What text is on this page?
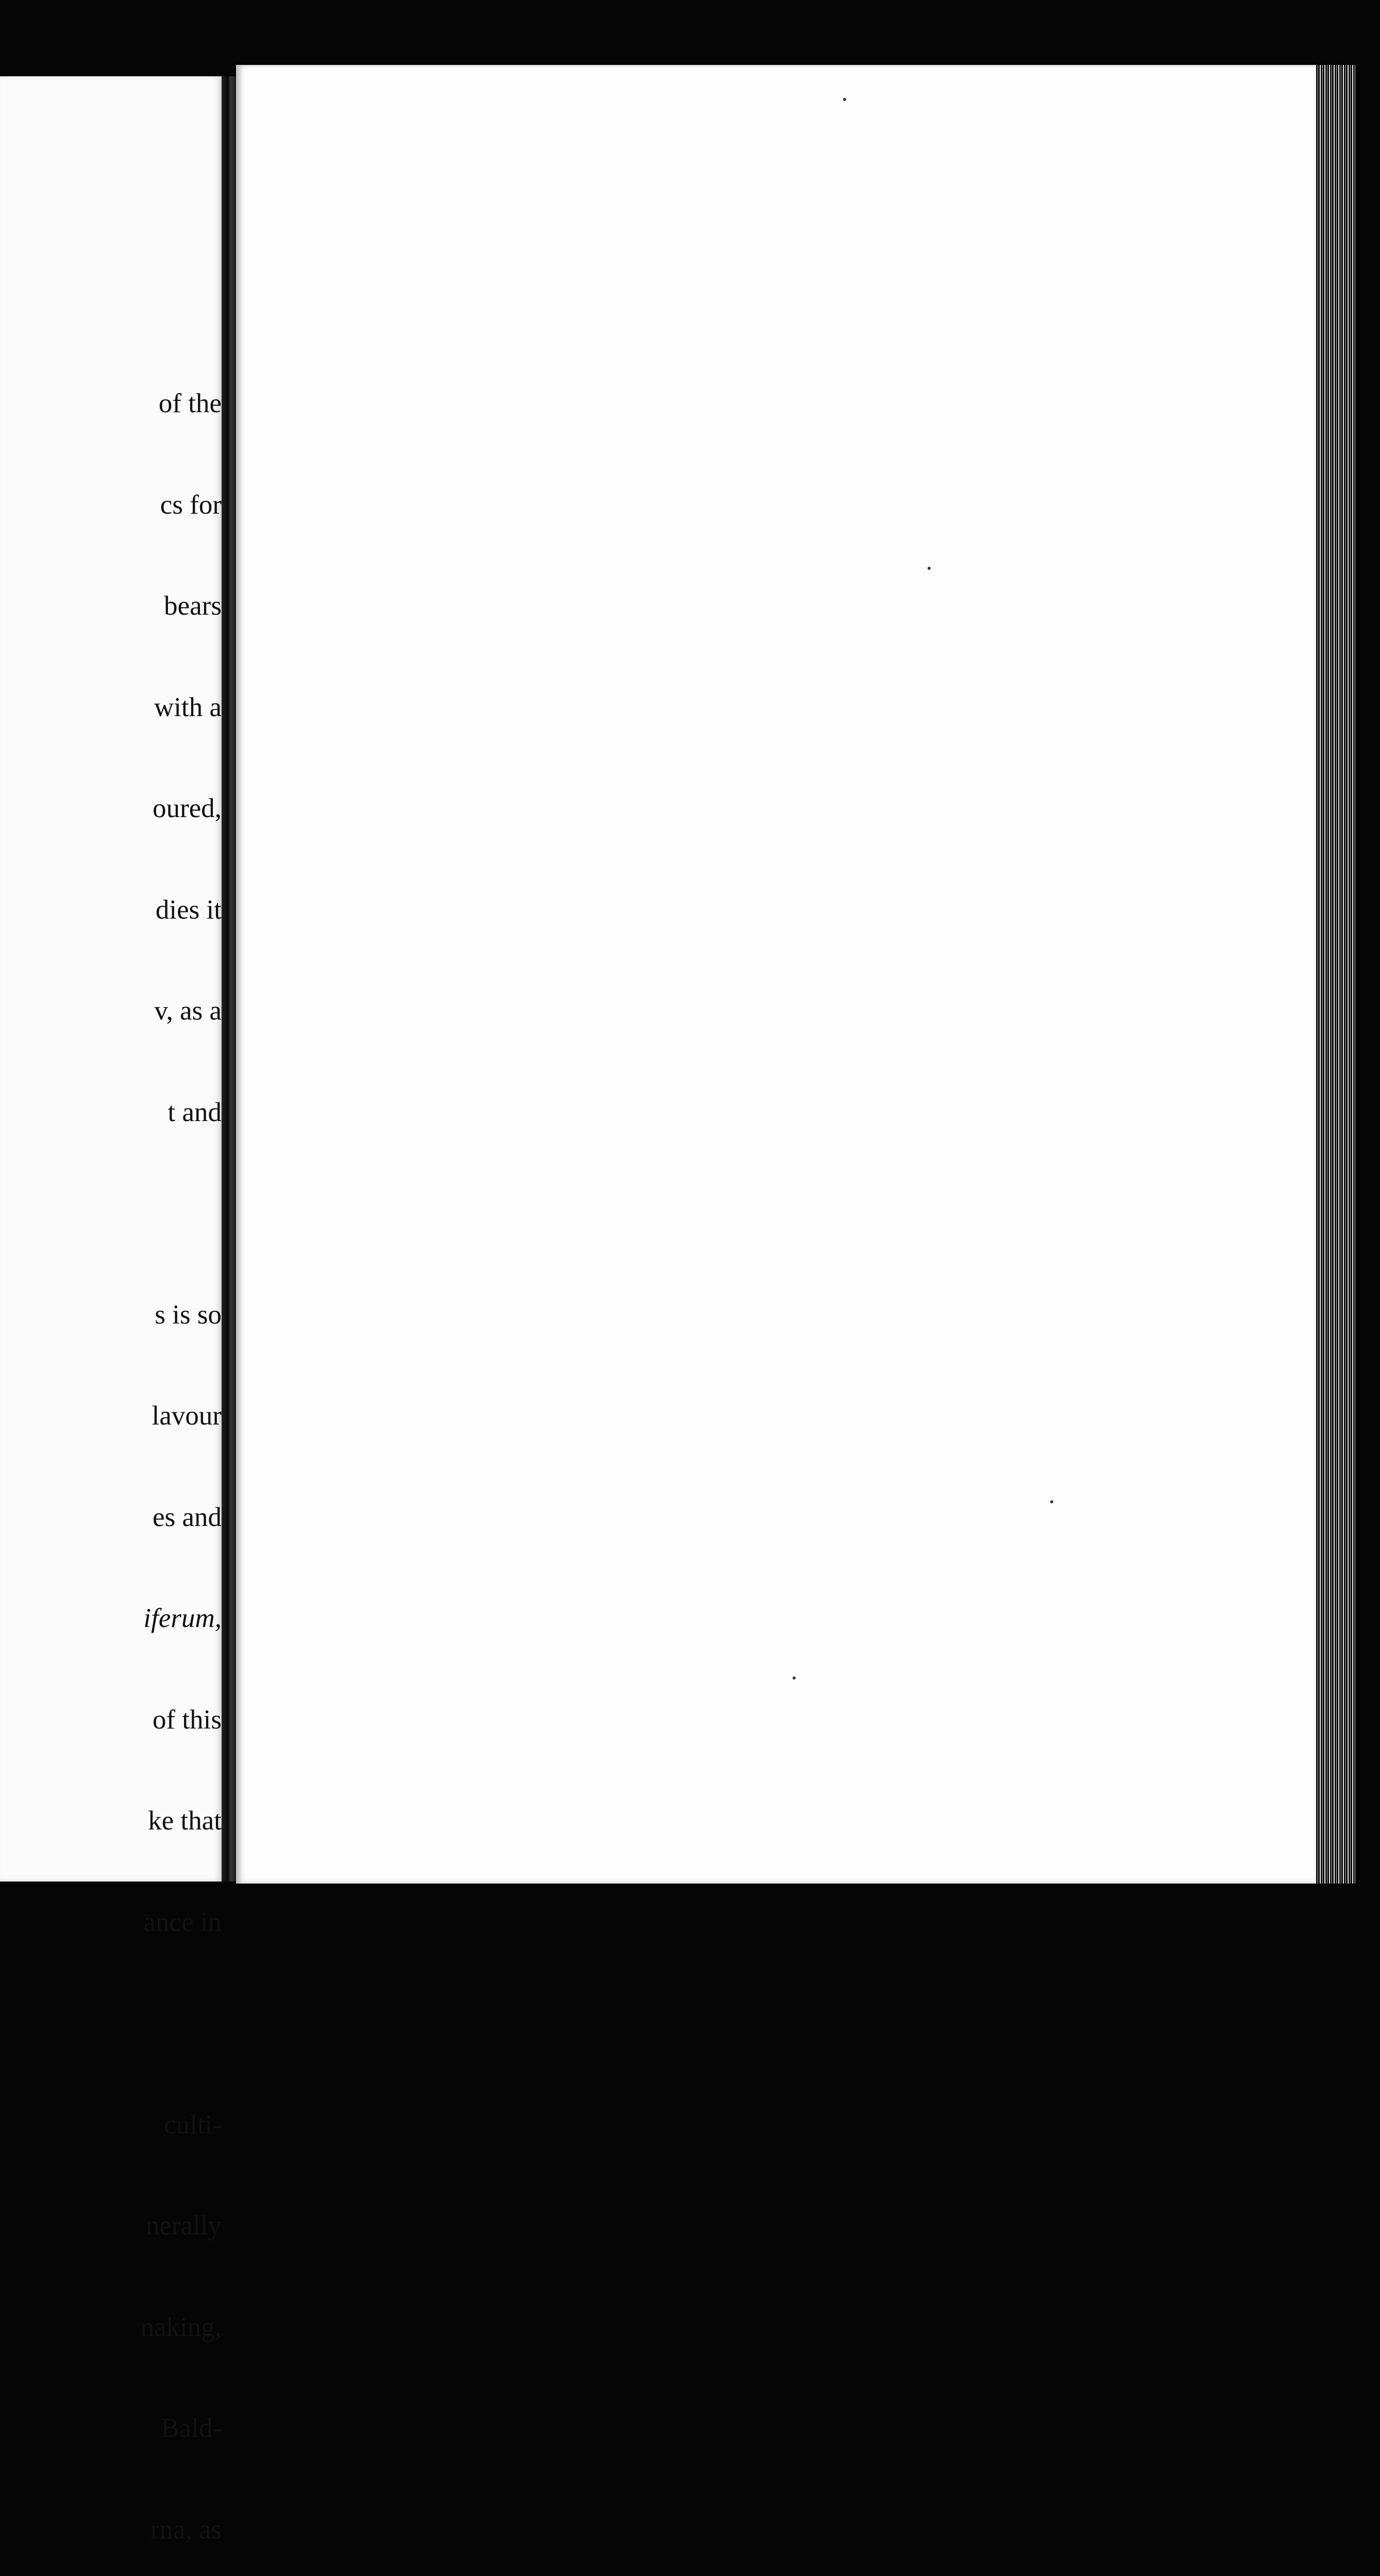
of the

cs for

bears

with a

oured,

dies it

v, as a

t and

s is so

lavour

es and

iferum,

of this

ke that

ance in

culti-

nerally

naking,

Bald-

rna, as
